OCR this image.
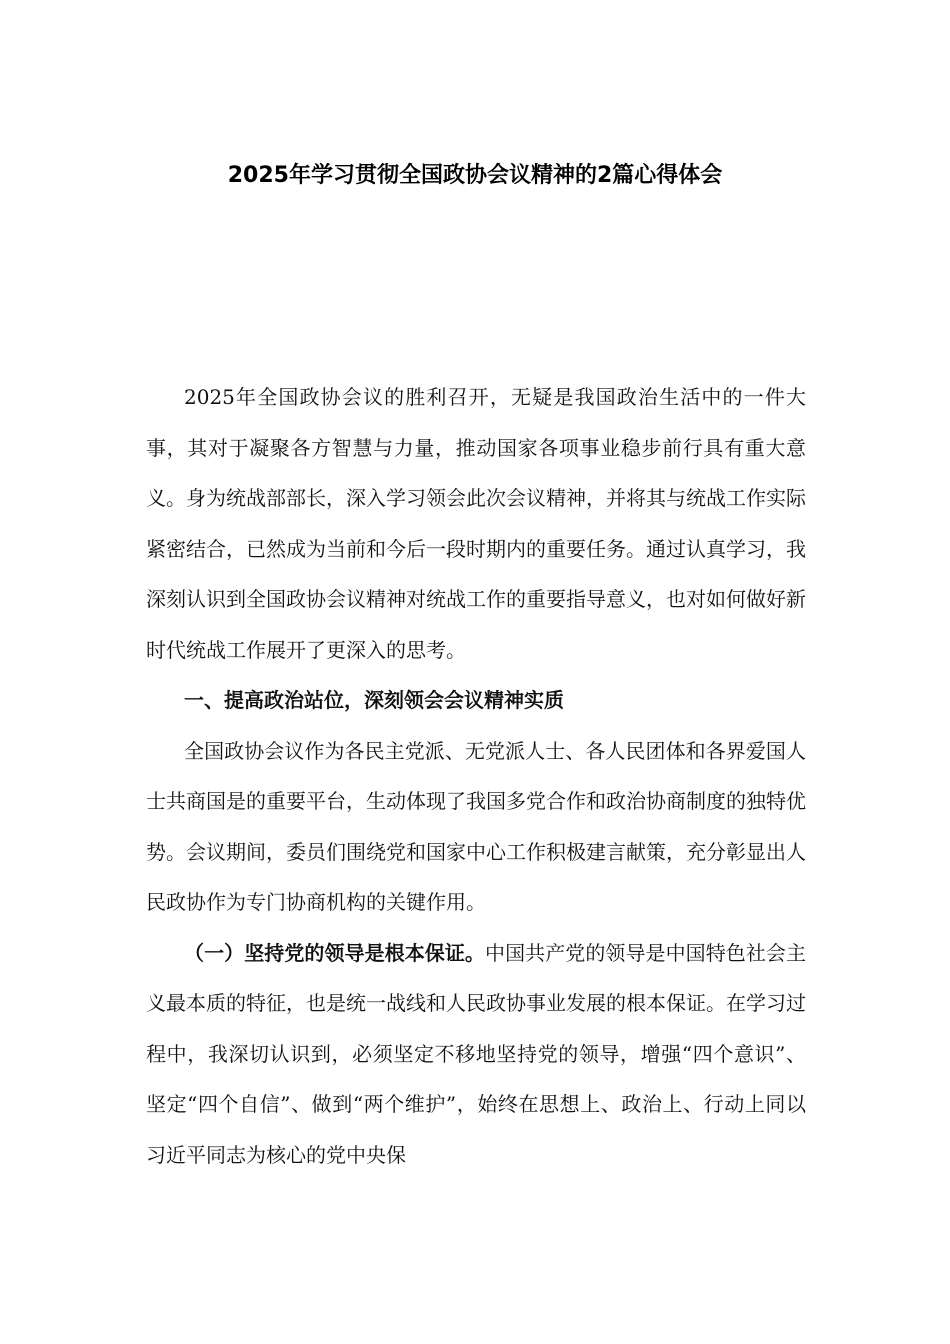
2025年学习贯彻全国政协会议精神的2篇心得体会

2025年全国政协会议的胜利召开，无疑是我国政治生活中的一件大事，其对于凝聚各方智慧与力量，推动国家各项事业稳步前行具有重大意义。身为统战部部长，深入学习领会此次会议精神，并将其与统战工作实际紧密结合，已然成为当前和今后一段时期内的重要任务。通过认真学习，我深刻认识到全国政协会议精神对统战工作的重要指导意义，也对如何做好新时代统战工作展开了更深入的思考。

一、提高政治站位，深刻领会会议精神实质

全国政协会议作为各民主党派、无党派人士、各人民团体和各界爱国人士共商国是的重要平台，生动体现了我国多党合作和政治协商制度的独特优势。会议期间，委员们围绕党和国家中心工作积极建言献策，充分彰显出人民政协作为专门协商机构的关键作用。

（一）坚持党的领导是根本保证。中国共产党的领导是中国特色社会主义最本质的特征，也是统一战线和人民政协事业发展的根本保证。在学习过程中，我深切认识到，必须坚定不移地坚持党的领导，增强“四个意识”、坚定“四个自信”、做到“两个维护”，始终在思想上、政治上、行动上同以习近平同志为核心的党中央保
